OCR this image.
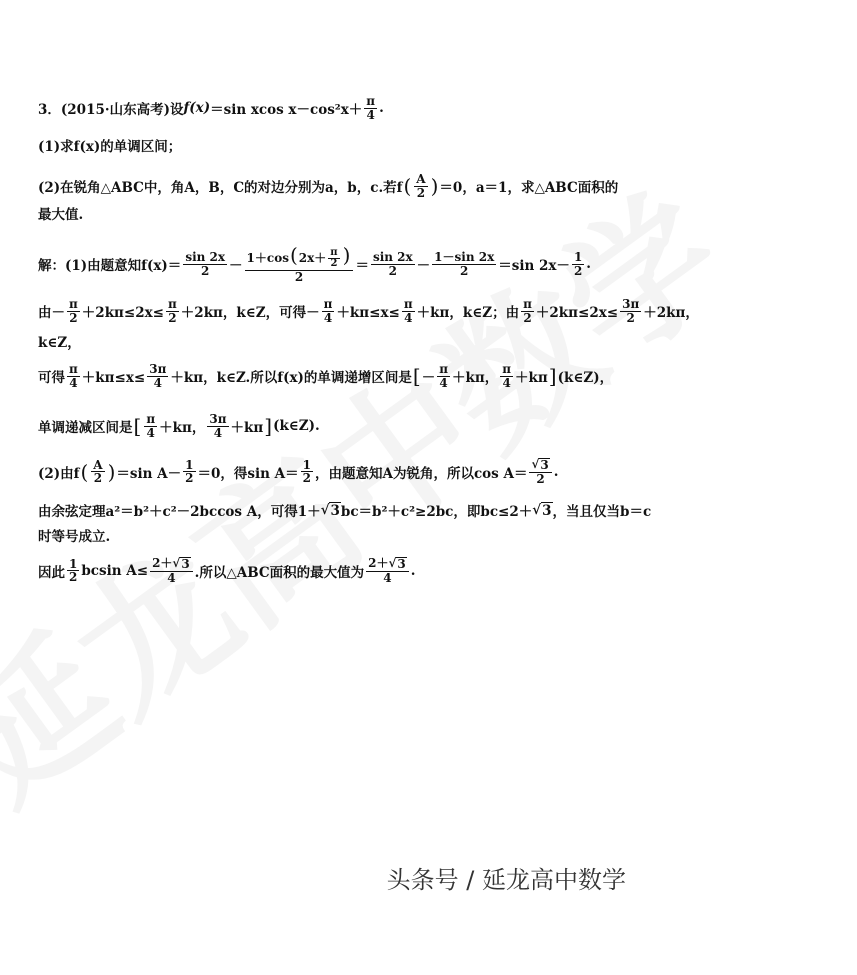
3． (2015·山东高考) 设 f(x) ＝sin xcos $x-\cos^2x+ \frac{\pi}{4}$ .
(1)求f(x)的单调区间；
(2)在锐角△ABC中，角A，B，C的对边分别为a，b，c.若f ( $\frac{A}{2}$ ) ＝0，a＝1，求△ABC面积的
最大值.
解：(1)由题意知$f(x)= \frac{\sin 2x}{2} - \frac{1+\cos(2x+ \frac{\pi}{2} )}{2} = \frac{\sin 2x}{2} - \frac{1-\sin 2x}{2} =\sin$ $2x- \frac{1}{2}$ .
由－ $\frac{\pi}{2} +2k\pi\le 2x\le \frac{\pi}{2} +2k\pi$，k∈Z，可得－ $\frac{\pi}{4} +k\pi\le x\le \frac{\pi}{4} +k\pi$，k∈Z；由 $\frac{\pi}{2} +2k\pi\le 2x\le \frac{3\pi}{2} +2k\pi$，
k∈Z，
可得 $\frac{\pi}{4} +k\pi\le x\le \frac{3\pi}{4} +k\pi$，k∈Z.所以f(x)的单调递增区间是 [ － $\frac{\pi}{4} +k\pi$， $\frac{\pi}{4} +k\pi$ ] (k∈Z)，
单调递减区间是 [ $\frac{\pi}{4} +k\pi$， $\frac{3\pi}{4} +k\pi$ ] (k∈Z).
(2)由f ( $\frac{A}{2}$ ) ＝sin $A- \frac{1}{2} =0$，得$\sin A= \frac{1}{2}$ ，由题意知A为锐角，所以$\cos A= \frac{√ 3}{2}$ .
由余弦定理a²＝b²＋c²－2bccos A，可得1＋ √ 3 bc＝b²＋c²≥2bc，即bc≤2＋ √ 3 ，当且仅当b＝c
时等号成立.
因此 $\frac{1}{2}$ bcsin $A\le \frac{2+√ 3}{4}$ .所以△ABC面积的最大值为 $\frac{2+√ 3}{4}$ .
头条号 / 延龙高中数学
